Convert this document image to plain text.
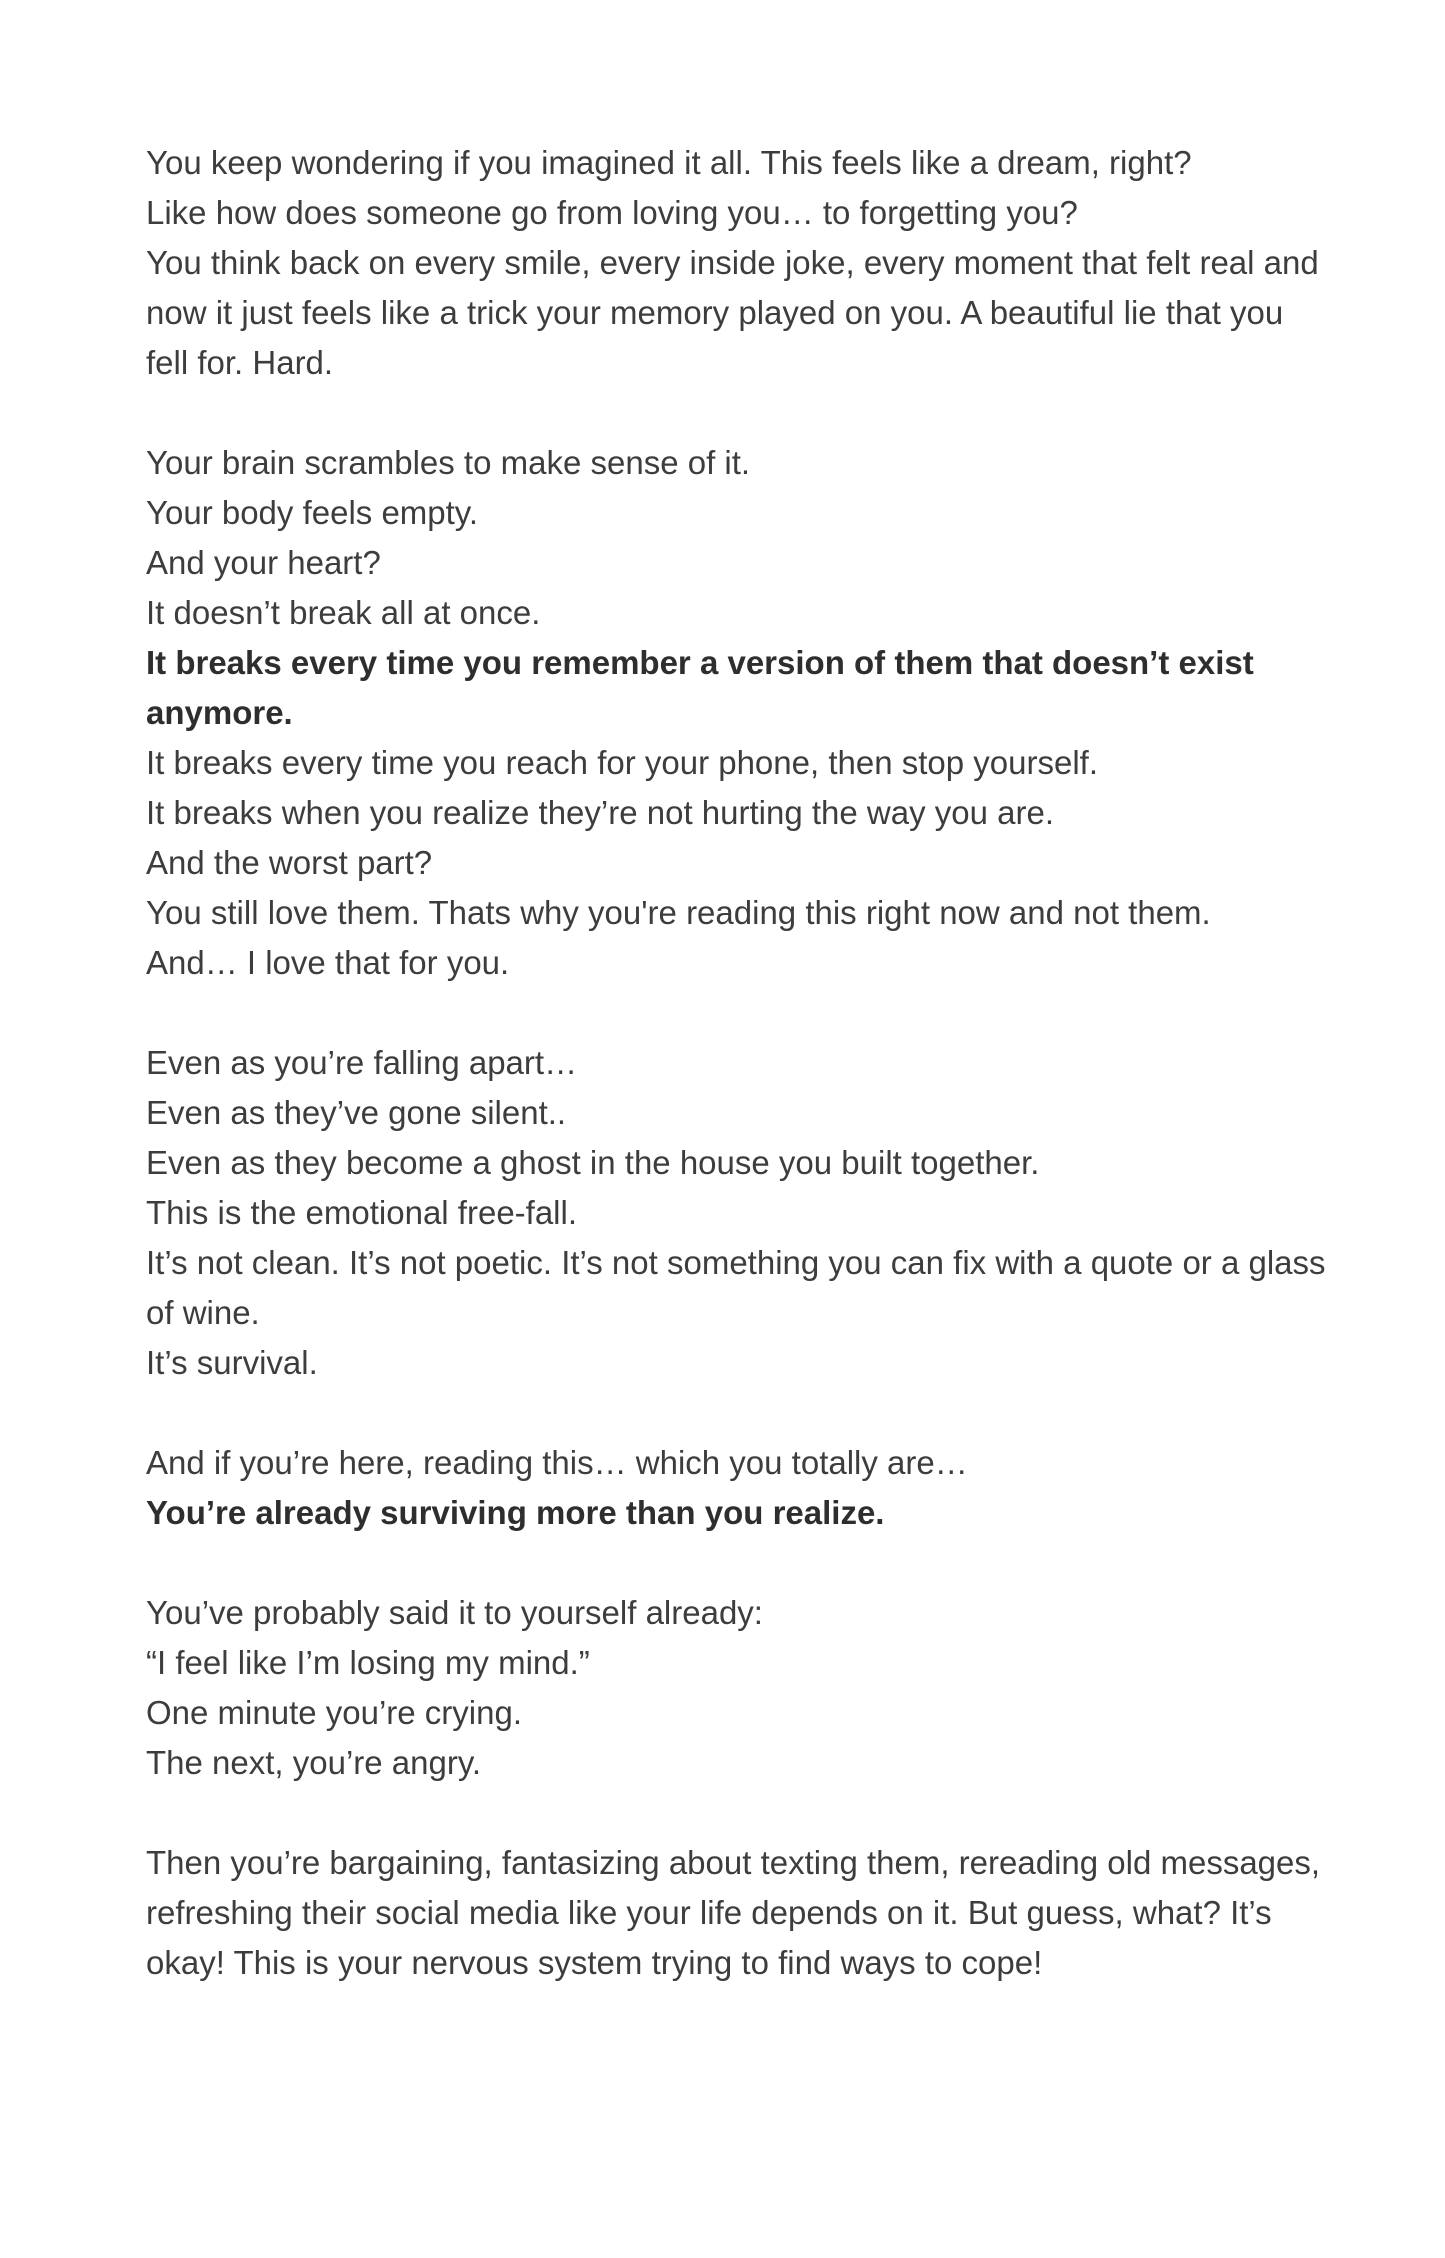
You keep wondering if you imagined it all. This feels like a dream, right?
Like how does someone go from loving you… to forgetting you?
You think back on every smile, every inside joke, every moment that felt real and now it just feels like a trick your memory played on you. A beautiful lie that you fell for. Hard.
Your brain scrambles to make sense of it.
Your body feels empty.
And your heart?
It doesn’t break all at once.
It breaks every time you remember a version of them that doesn’t exist anymore.
It breaks every time you reach for your phone, then stop yourself.
It breaks when you realize they’re not hurting the way you are.
And the worst part?
You still love them. Thats why you're reading this right now and not them.
And… I love that for you.
Even as you’re falling apart…
Even as they’ve gone silent..
Even as they become a ghost in the house you built together.
This is the emotional free-fall.
It’s not clean. It’s not poetic. It’s not something you can fix with a quote or a glass of wine.
It’s survival.
And if you’re here, reading this… which you totally are…
You’re already surviving more than you realize.
You’ve probably said it to yourself already:
“I feel like I’m losing my mind.”
One minute you’re crying.
The next, you’re angry.
Then you’re bargaining, fantasizing about texting them, rereading old messages, refreshing their social media like your life depends on it. But guess, what? It’s okay! This is your nervous system trying to find ways to cope!
